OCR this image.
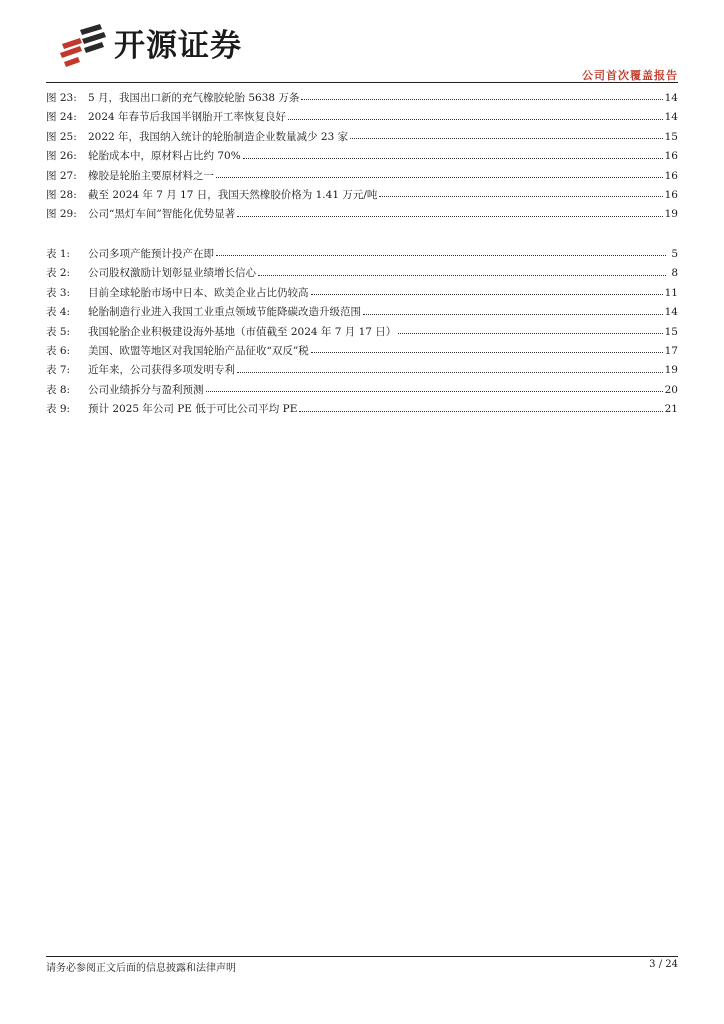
开源证券
公司首次覆盖报告
图 23:	5 月，我国出口新的充气橡胶轮胎 5638 万条	14
图 24:	2024 年春节后我国半钢胎开工率恢复良好	14
图 25:	2022 年，我国纳入统计的轮胎制造企业数量减少 23 家	15
图 26:	轮胎成本中，原材料占比约 70%	16
图 27:	橡胶是轮胎主要原材料之一	16
图 28:	截至 2024 年 7 月 17 日，我国天然橡胶价格为 1.41 万元/吨	16
图 29:	公司“黑灯车间”智能化优势显著	19
表 1:	公司多项产能预计投产在即	5
表 2:	公司股权激励计划彰显业绩增长信心	8
表 3:	目前全球轮胎市场中日本、欧美企业占比仍较高	11
表 4:	轮胎制造行业进入我国工业重点领域节能降碳改造升级范围	14
表 5:	我国轮胎企业积极建设海外基地（市值截至 2024 年 7 月 17 日）	15
表 6:	美国、欧盟等地区对我国轮胎产品征收“双反”税	17
表 7:	近年来，公司获得多项发明专利	19
表 8:	公司业绩拆分与盈利预测	20
表 9:	预计 2025 年公司 PE 低于可比公司平均 PE	21
请务必参阅正文后面的信息披露和法律声明	3 / 24
